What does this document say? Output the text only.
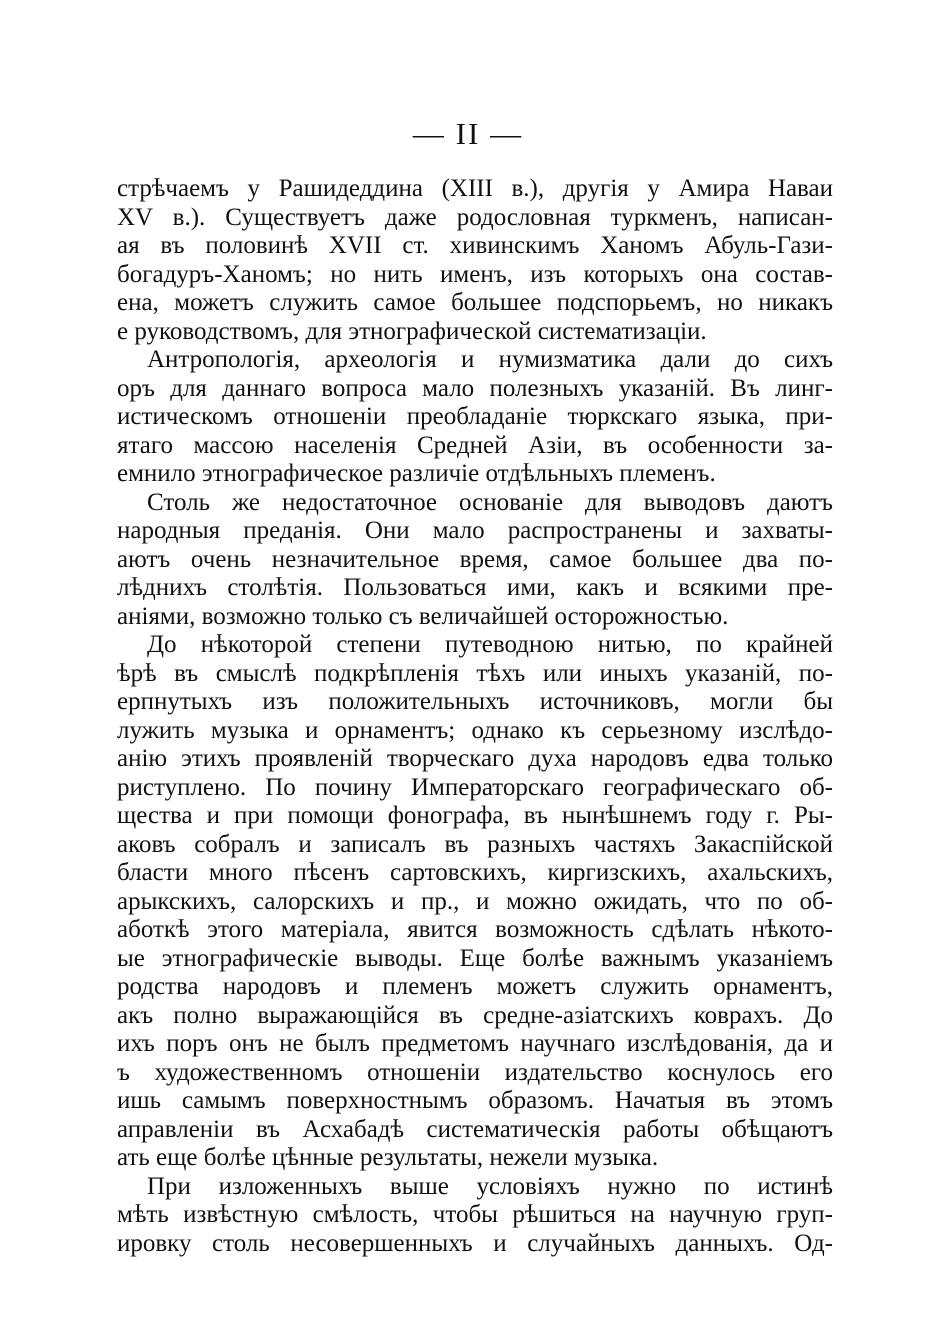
— II —
стрѣчаемъ у Рашидеддина (XIII в.), другія у Амира Наваи
XV в.). Существуетъ даже родословная туркменъ, написан-
ая въ половинѣ XVII ст. хивинскимъ Ханомъ Абуль-Гази-
богадуръ-Ханомъ; но нить именъ, изъ которыхъ она состав-
ена, можетъ служить самое большее подспорьемъ, но никакъ
е руководствомъ, для этнографической систематизаціи.
Антропологія, археологія и нумизматика дали до сихъ
оръ для даннаго вопроса мало полезныхъ указаній. Въ линг-
истическомъ отношеніи преобладаніе тюркскаго языка, при-
ятаго массою населенія Средней Азіи, въ особенности за-
емнило этнографическое различіе отдѣльныхъ племенъ.
Столь же недостаточное основаніе для выводовъ даютъ
народныя преданія. Они мало распространены и захваты-
аютъ очень незначительное время, самое большее два по-
лѣднихъ столѣтія. Пользоваться ими, какъ и всякими пре-
аніями, возможно только съ величайшей осторожностью.
До нѣкоторой степени путеводною нитью, по крайней
ѣрѣ въ смыслѣ подкрѣпленія тѣхъ или иныхъ указаній, по-
ерпнутыхъ изъ положительныхъ источниковъ, могли бы
лужить музыка и орнаментъ; однако къ серьезному изслѣдо-
анію этихъ проявленій творческаго духа народовъ едва только
риступлено. По почину Императорскаго географическаго об-
щества и при помощи фонографа, въ нынѣшнемъ году г. Ры-
аковъ собралъ и записалъ въ разныхъ частяхъ Закаспійской
бласти много пѣсенъ сартовскихъ, киргизскихъ, ахальскихъ,
арыкскихъ, салорскихъ и пр., и можно ожидать, что по об-
аботкѣ этого матеріала, явится возможность сдѣлать нѣкото-
ые этнографическіе выводы. Еще болѣе важнымъ указаніемъ
родства народовъ и племенъ можетъ служить орнаментъ,
акъ полно выражающійся въ средне-азіатскихъ коврахъ. До
ихъ поръ онъ не былъ предметомъ научнаго изслѣдованія, да и
ъ художественномъ отношеніи издательство коснулось его
ишь самымъ поверхностнымъ образомъ. Начатыя въ этомъ
аправленіи въ Асхабадѣ систематическія работы обѣщаютъ
ать еще болѣе цѣнные результаты, нежели музыка.
При изложенныхъ выше условіяхъ нужно по истинѣ
мѣть извѣстную смѣлость, чтобы рѣшиться на научную груп-
ировку столь несовершенныхъ и случайныхъ данныхъ. Од-
